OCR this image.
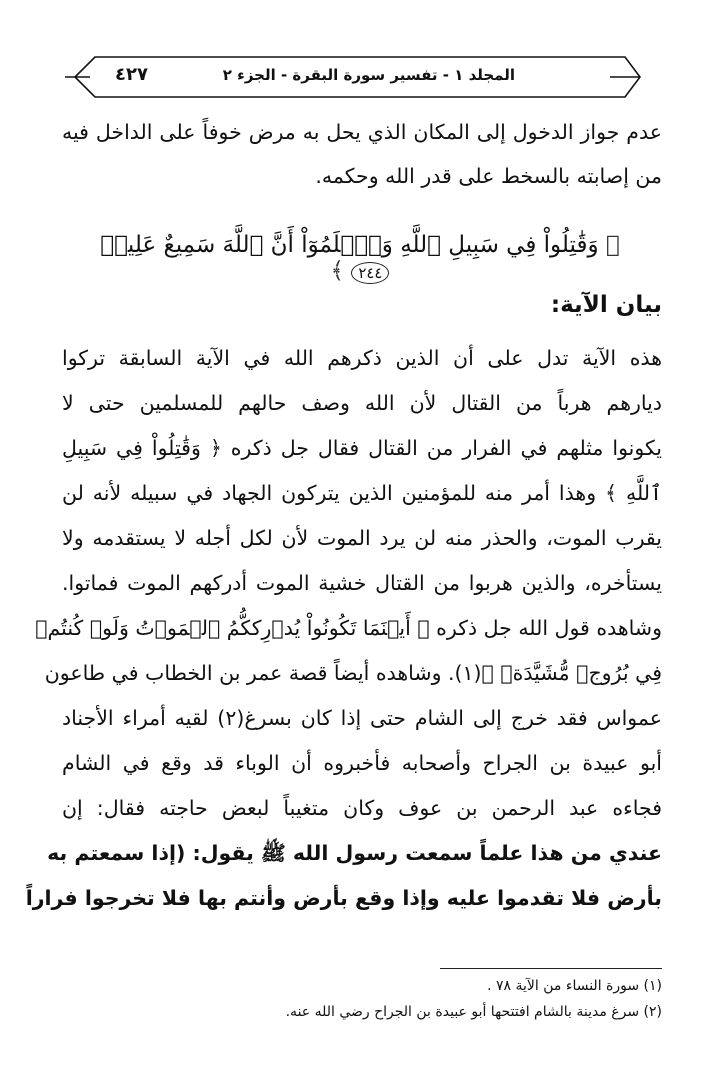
المجلد ١ - تفسير سورة البقرة - الجزء ٢
٤٢٧
عدم جواز الدخول إلى المكان الذي يحل به مرض خوفاً على الداخل فيه
من إصابته بالسخط على قدر الله وحكمه.
﴿ وَقَٰتِلُواْ فِي سَبِيلِ ٱللَّهِ وَٱعۡلَمُوٓاْ أَنَّ ٱللَّهَ سَمِيعٌ عَلِيمٞ ٢٤٤ ﴾
بيان الآية:
هذه الآية تدل على أن الذين ذكرهم الله في الآية السابقة تركوا
ديارهم هرباً من القتال لأن الله وصف حالهم للمسلمين حتى لا
يكونوا مثلهم في الفرار من القتال فقال جل ذكره ﴿ وَقَٰتِلُواْ فِي سَبِيلِ
ٱللَّهِ ﴾ وهذا أمر منه للمؤمنين الذين يتركون الجهاد في سبيله لأنه لن
يقرب الموت، والحذر منه لن يرد الموت لأن لكل أجله لا يستقدمه ولا
يستأخره، والذين هربوا من القتال خشية الموت أدركهم الموت فماتوا.
وشاهده قول الله جل ذكره ﴿ أَيۡنَمَا تَكُونُواْ يُدۡرِككُّمُ ٱلۡمَوۡتُ وَلَوۡ كُنتُمۡ
فِي بُرُوجٖ مُّشَيَّدَةٖ ﴾(١). وشاهده أيضاً قصة عمر بن الخطاب في طاعون
عمواس فقد خرج إلى الشام حتى إذا كان بسرغ(٢) لقيه أمراء الأجناد
أبو عبيدة بن الجراح وأصحابه فأخبروه أن الوباء قد وقع في الشام
فجاءه عبد الرحمن بن عوف وكان متغيباً لبعض حاجته فقال: إن
عندي من هذا علماً سمعت رسول الله ﷺ يقول: (إذا سمعتم به
بأرض فلا تقدموا عليه وإذا وقع بأرض وأنتم بها فلا تخرجوا فراراً
(١) سورة النساء من الآية ٧٨ .
(٢) سرغ مدينة بالشام افتتحها أبو عبيدة بن الجراح رضي الله عنه.
